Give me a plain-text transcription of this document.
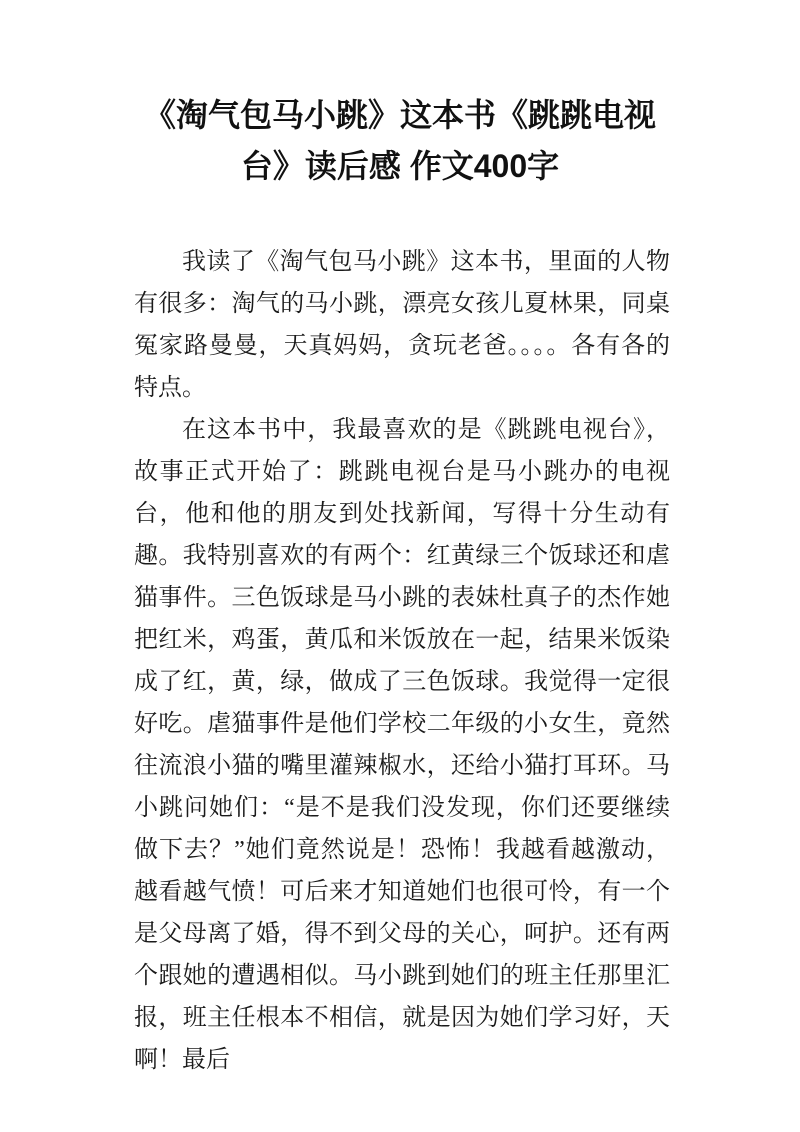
《淘气包马小跳》这本书《跳跳电视台》读后感 作文400字

我读了《淘气包马小跳》这本书，里面的人物有很多：淘气的马小跳，漂亮女孩儿夏林果，同桌冤家路曼曼，天真妈妈，贪玩老爸。。。。各有各的特点。

在这本书中，我最喜欢的是《跳跳电视台》，故事正式开始了：跳跳电视台是马小跳办的电视台，他和他的朋友到处找新闻，写得十分生动有趣。我特别喜欢的有两个：红黄绿三个饭球还和虐猫事件。三色饭球是马小跳的表妹杜真子的杰作她把红米，鸡蛋，黄瓜和米饭放在一起，结果米饭染成了红，黄，绿，做成了三色饭球。我觉得一定很好吃。虐猫事件是他们学校二年级的小女生，竟然往流浪小猫的嘴里灌辣椒水，还给小猫打耳环。马小跳问她们：“是不是我们没发现，你们还要继续做下去？”她们竟然说是！恐怖！我越看越激动，越看越气愤！可后来才知道她们也很可怜，有一个是父母离了婚，得不到父母的关心，呵护。还有两个跟她的遭遇相似。马小跳到她们的班主任那里汇报，班主任根本不相信，就是因为她们学习好，天啊！最后
